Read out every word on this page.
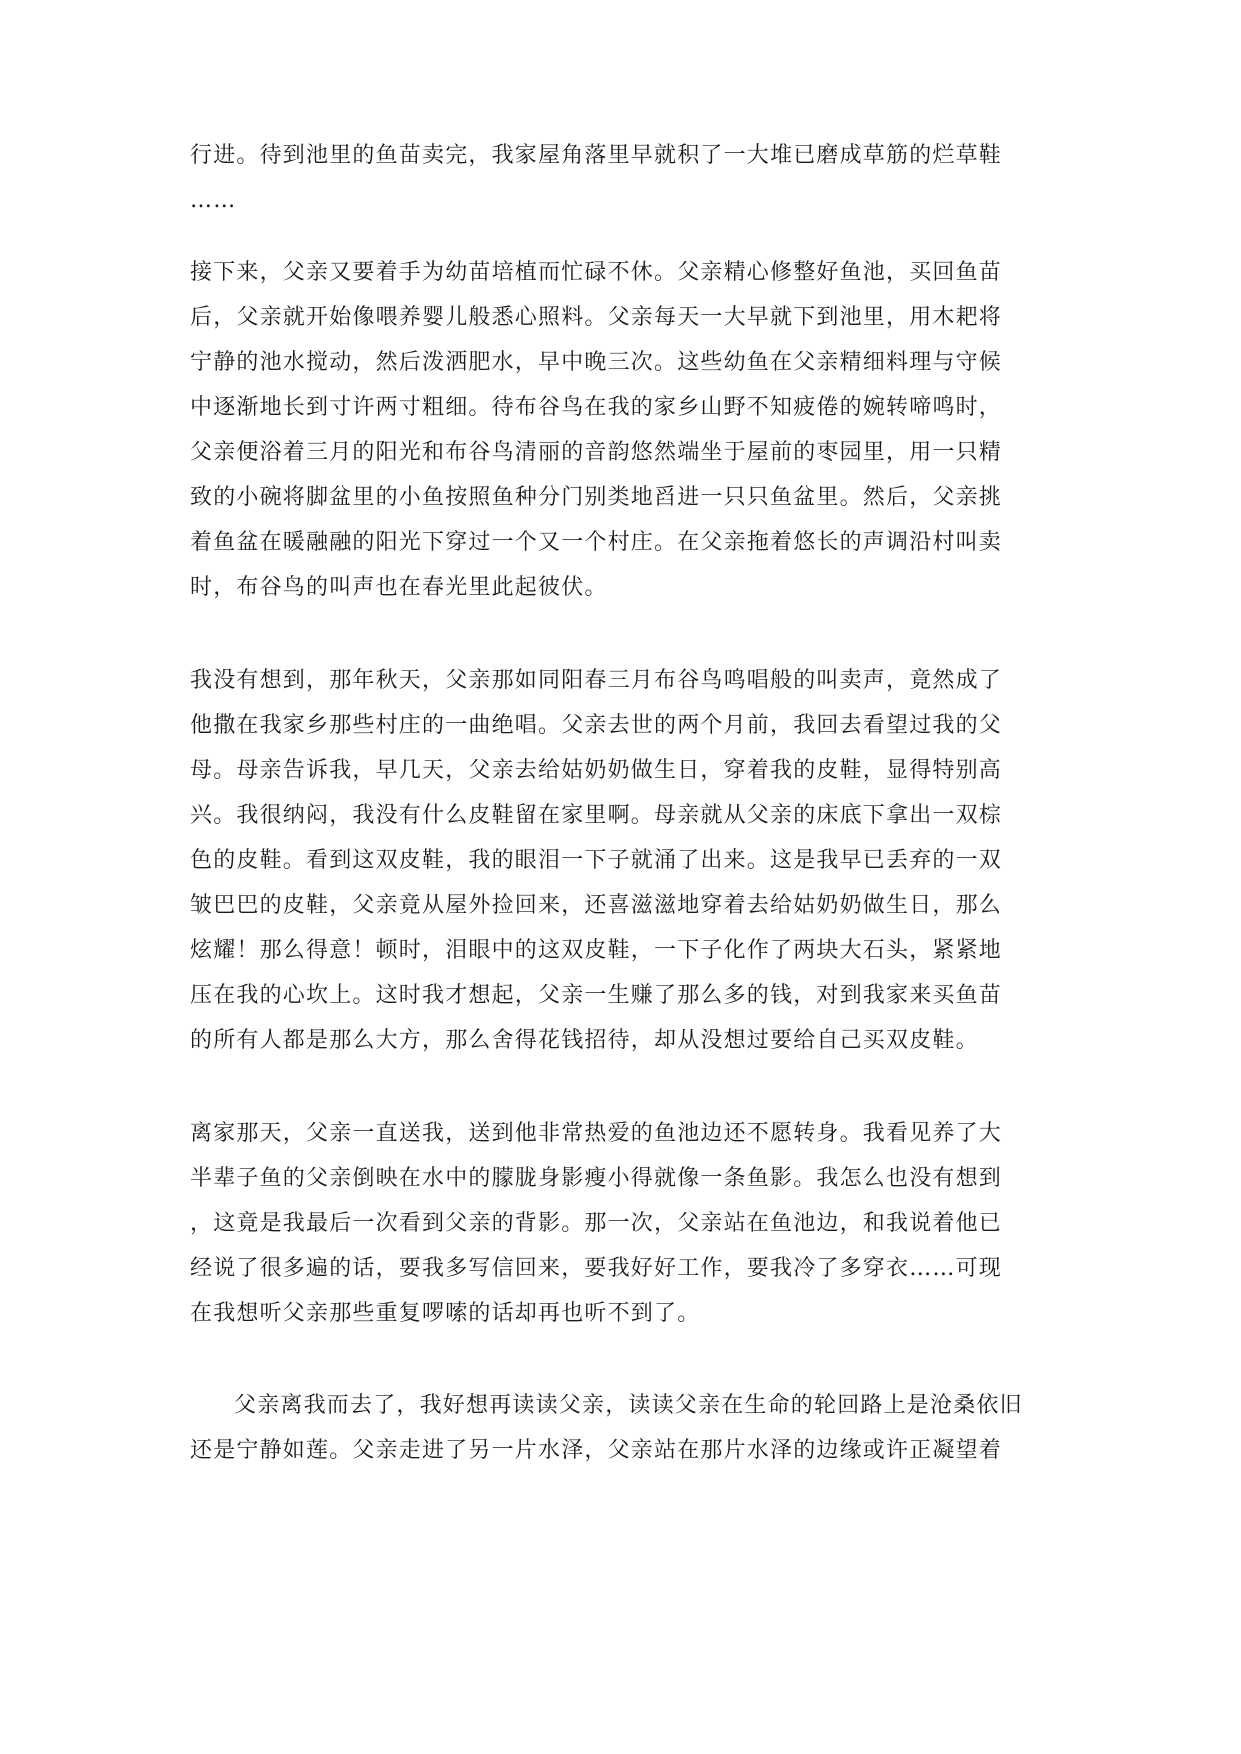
行进。待到池里的鱼苗卖完，我家屋角落里早就积了一大堆已磨成草筋的烂草鞋
……
接下来，父亲又要着手为幼苗培植而忙碌不休。父亲精心修整好鱼池，买回鱼苗
后，父亲就开始像喂养婴儿般悉心照料。父亲每天一大早就下到池里，用木耙将
宁静的池水搅动，然后泼洒肥水，早中晚三次。这些幼鱼在父亲精细料理与守候
中逐渐地长到寸许两寸粗细。待布谷鸟在我的家乡山野不知疲倦的婉转啼鸣时，
父亲便浴着三月的阳光和布谷鸟清丽的音韵悠然端坐于屋前的枣园里，用一只精
致的小碗将脚盆里的小鱼按照鱼种分门别类地舀进一只只鱼盆里。然后，父亲挑
着鱼盆在暖融融的阳光下穿过一个又一个村庄。在父亲拖着悠长的声调沿村叫卖
时，布谷鸟的叫声也在春光里此起彼伏。
我没有想到，那年秋天，父亲那如同阳春三月布谷鸟鸣唱般的叫卖声，竟然成了
他撒在我家乡那些村庄的一曲绝唱。父亲去世的两个月前，我回去看望过我的父
母。母亲告诉我，早几天，父亲去给姑奶奶做生日，穿着我的皮鞋，显得特别高
兴。我很纳闷，我没有什么皮鞋留在家里啊。母亲就从父亲的床底下拿出一双棕
色的皮鞋。看到这双皮鞋，我的眼泪一下子就涌了出来。这是我早已丢弃的一双
皱巴巴的皮鞋，父亲竟从屋外捡回来，还喜滋滋地穿着去给姑奶奶做生日，那么
炫耀！那么得意！顿时，泪眼中的这双皮鞋，一下子化作了两块大石头，紧紧地
压在我的心坎上。这时我才想起，父亲一生赚了那么多的钱，对到我家来买鱼苗
的所有人都是那么大方，那么舍得花钱招待，却从没想过要给自己买双皮鞋。
离家那天，父亲一直送我，送到他非常热爱的鱼池边还不愿转身。我看见养了大
半辈子鱼的父亲倒映在水中的朦胧身影瘦小得就像一条鱼影。我怎么也没有想到
，这竟是我最后一次看到父亲的背影。那一次，父亲站在鱼池边，和我说着他已
经说了很多遍的话，要我多写信回来，要我好好工作，要我冷了多穿衣……可现
在我想听父亲那些重复啰嗦的话却再也听不到了。
父亲离我而去了，我好想再读读父亲，读读父亲在生命的轮回路上是沧桑依旧
还是宁静如莲。父亲走进了另一片水泽，父亲站在那片水泽的边缘或许正凝望着
